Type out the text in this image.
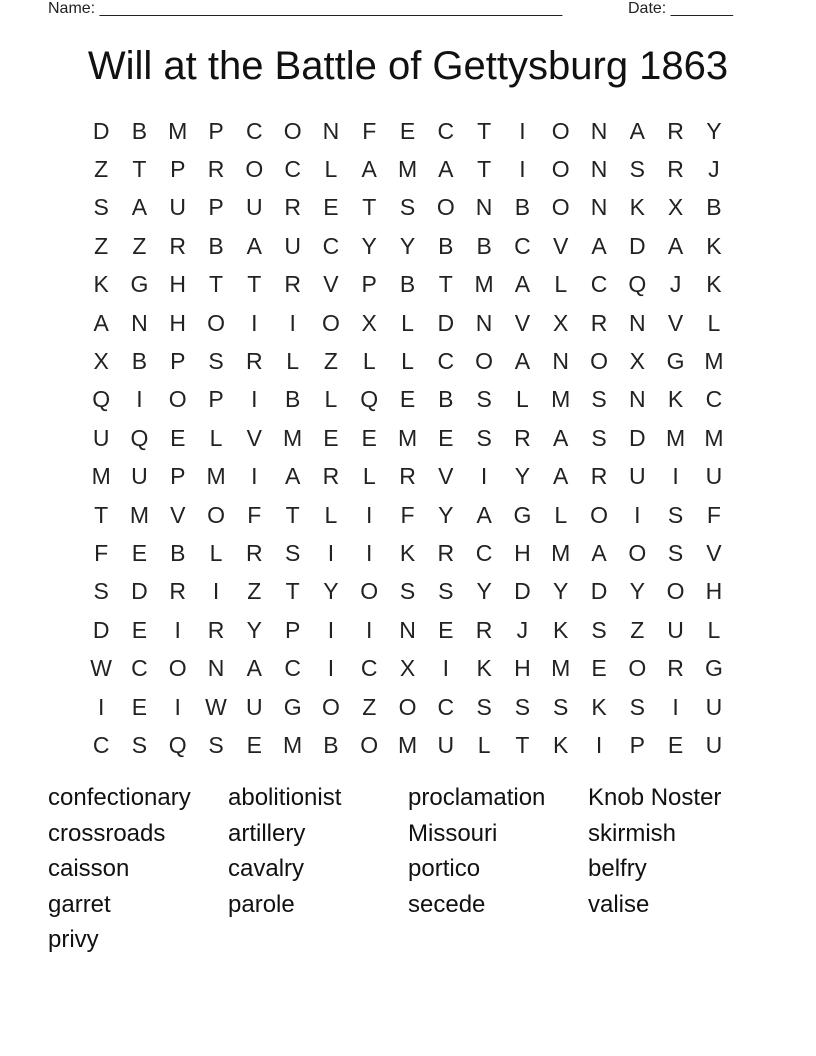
Name: ____________________________________________________	Date: _______
Will at the Battle of Gettysburg 1863
D B M P C O N F	E C T	I	O N A R Y
Z	T	P R O C	L	A M A	T	I	O N S R	J
S A U P U R E	T	S O N B O N K X B
Z	Z R B A U C Y Y B B C V A D A K
K G H T	T R V P B	T M A	L	C Q	J	K
A N H O	I	I	O X	L	D N V X R N V	L
X B P S R	L	Z	L	L	C O A N O X G M
Q	I	O P	I	B	L Q E B S	L M S N K C
U Q E	L	V M E E M E S R A S D M M
M U P M	I	A R	L	R V	I	Y A R U	I	U
T M V O F	T	L	I	F	Y A G L O	I	S	F
F	E B	L	R S	I	I	K R C H M A O S V
S D R	I	Z	T	Y O S S Y D Y D Y O H
D E	I	R Y P	I	I	N E R	J	K S	Z U	L
W C O N A C	I	C X	I	K H M E O R G
I	E	I	W U G O Z O C S S S K S	I	U
C S Q S E M B O M U	L	T	K	I	P E U
confectionary	abolitionist	proclamation	Knob Noster
crossroads	artillery	Missouri	skirmish
caisson	cavalry	portico	belfry
garret	parole	secede	valise
privy
